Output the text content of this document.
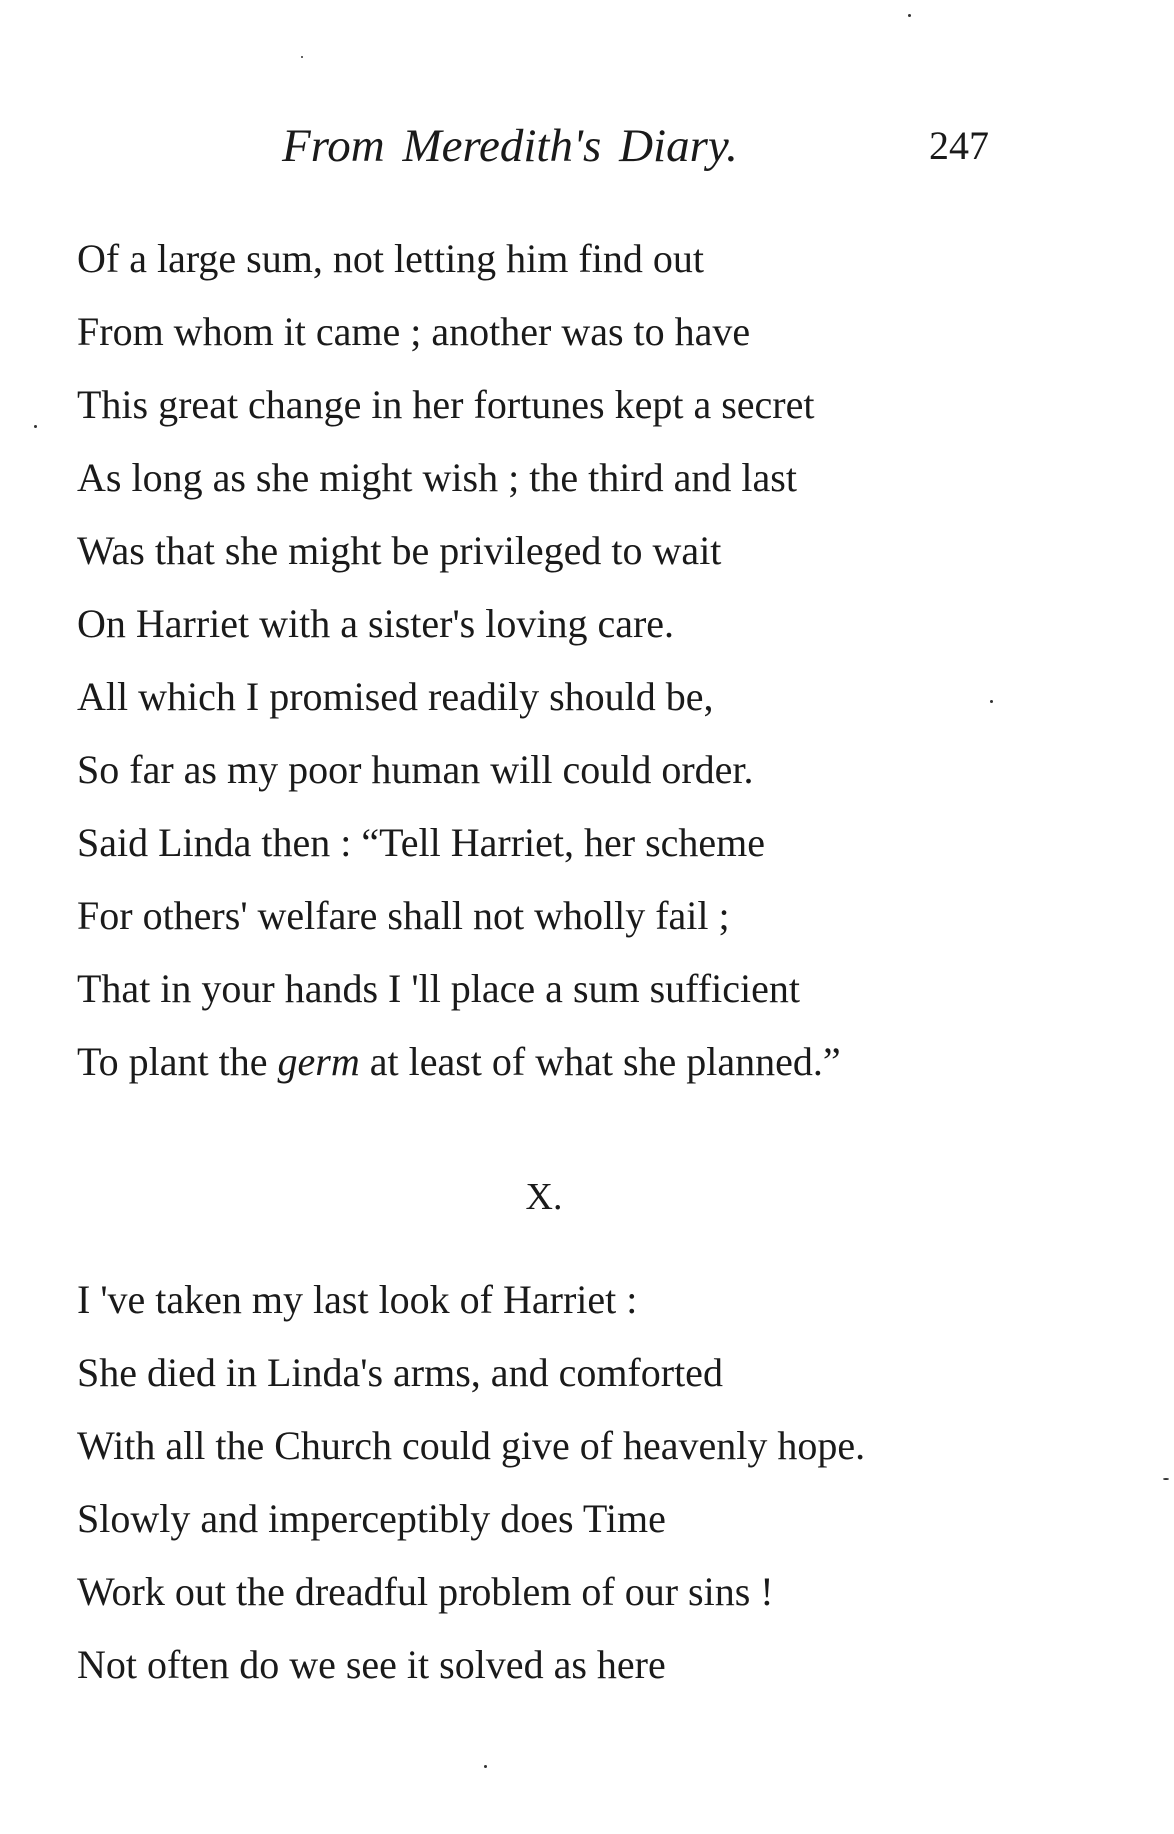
From Meredith's Diary.	247
Of a large sum, not letting him find out
From whom it came ; another was to have
This great change in her fortunes kept a secret
As long as she might wish ; the third and last
Was that she might be privileged to wait
On Harriet with a sister's loving care.
All which I promised readily should be,
So far as my poor human will could order.
Said Linda then : “Tell Harriet, her scheme
For others' welfare shall not wholly fail ;
That in your hands I 'll place a sum sufficient
To plant the germ at least of what she planned.”
X.
I 've taken my last look of Harriet :
She died in Linda's arms, and comforted
With all the Church could give of heavenly hope.
Slowly and imperceptibly does Time
Work out the dreadful problem of our sins !
Not often do we see it solved as here
